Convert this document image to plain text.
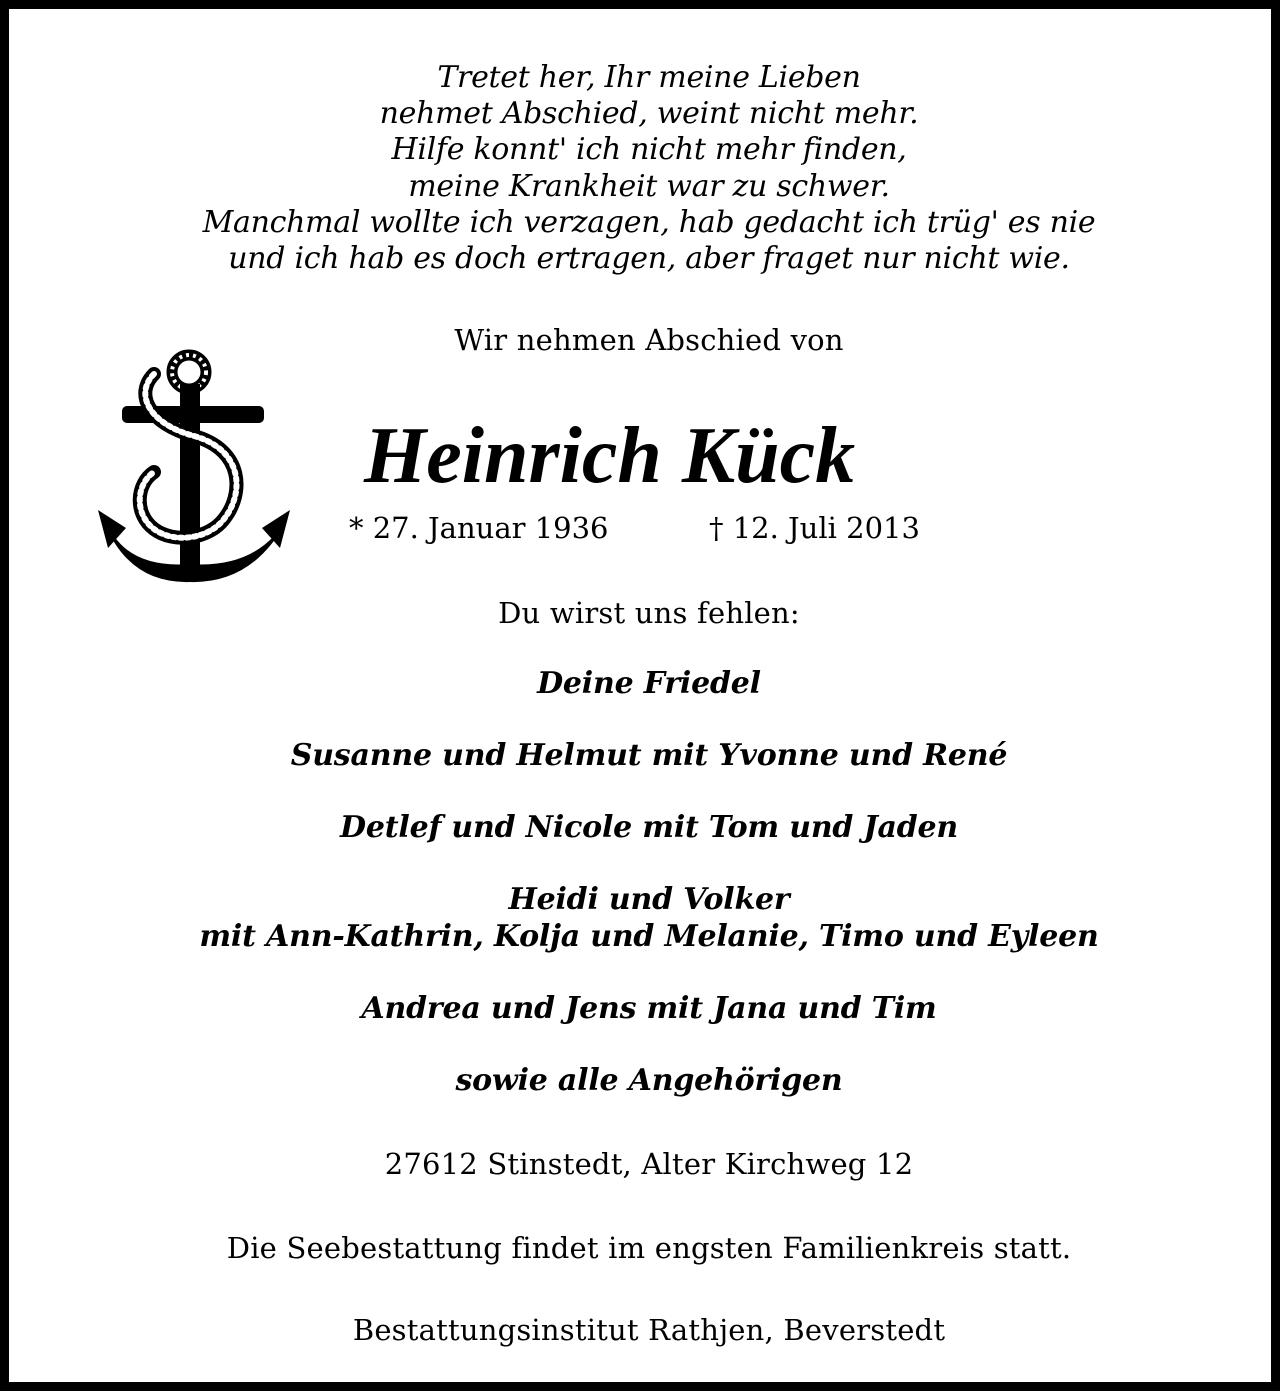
Tretet her, Ihr meine Lieben
nehmet Abschied, weint nicht mehr.
Hilfe konnt' ich nicht mehr finden,
meine Krankheit war zu schwer.
Manchmal wollte ich verzagen, hab gedacht ich trüg' es nie
und ich hab es doch ertragen, aber fraget nur nicht wie.
Wir nehmen Abschied von
Heinrich Kück
* 27. Januar 1936	† 12. Juli 2013
Du wirst uns fehlen:
Deine Friedel
Susanne und Helmut mit Yvonne und René
Detlef und Nicole mit Tom und Jaden
Heidi und Volker
mit Ann-Kathrin, Kolja und Melanie, Timo und Eyleen
Andrea und Jens mit Jana und Tim
sowie alle Angehörigen
27612 Stinstedt, Alter Kirchweg 12
Die Seebestattung findet im engsten Familienkreis statt.
Bestattungsinstitut Rathjen, Beverstedt
